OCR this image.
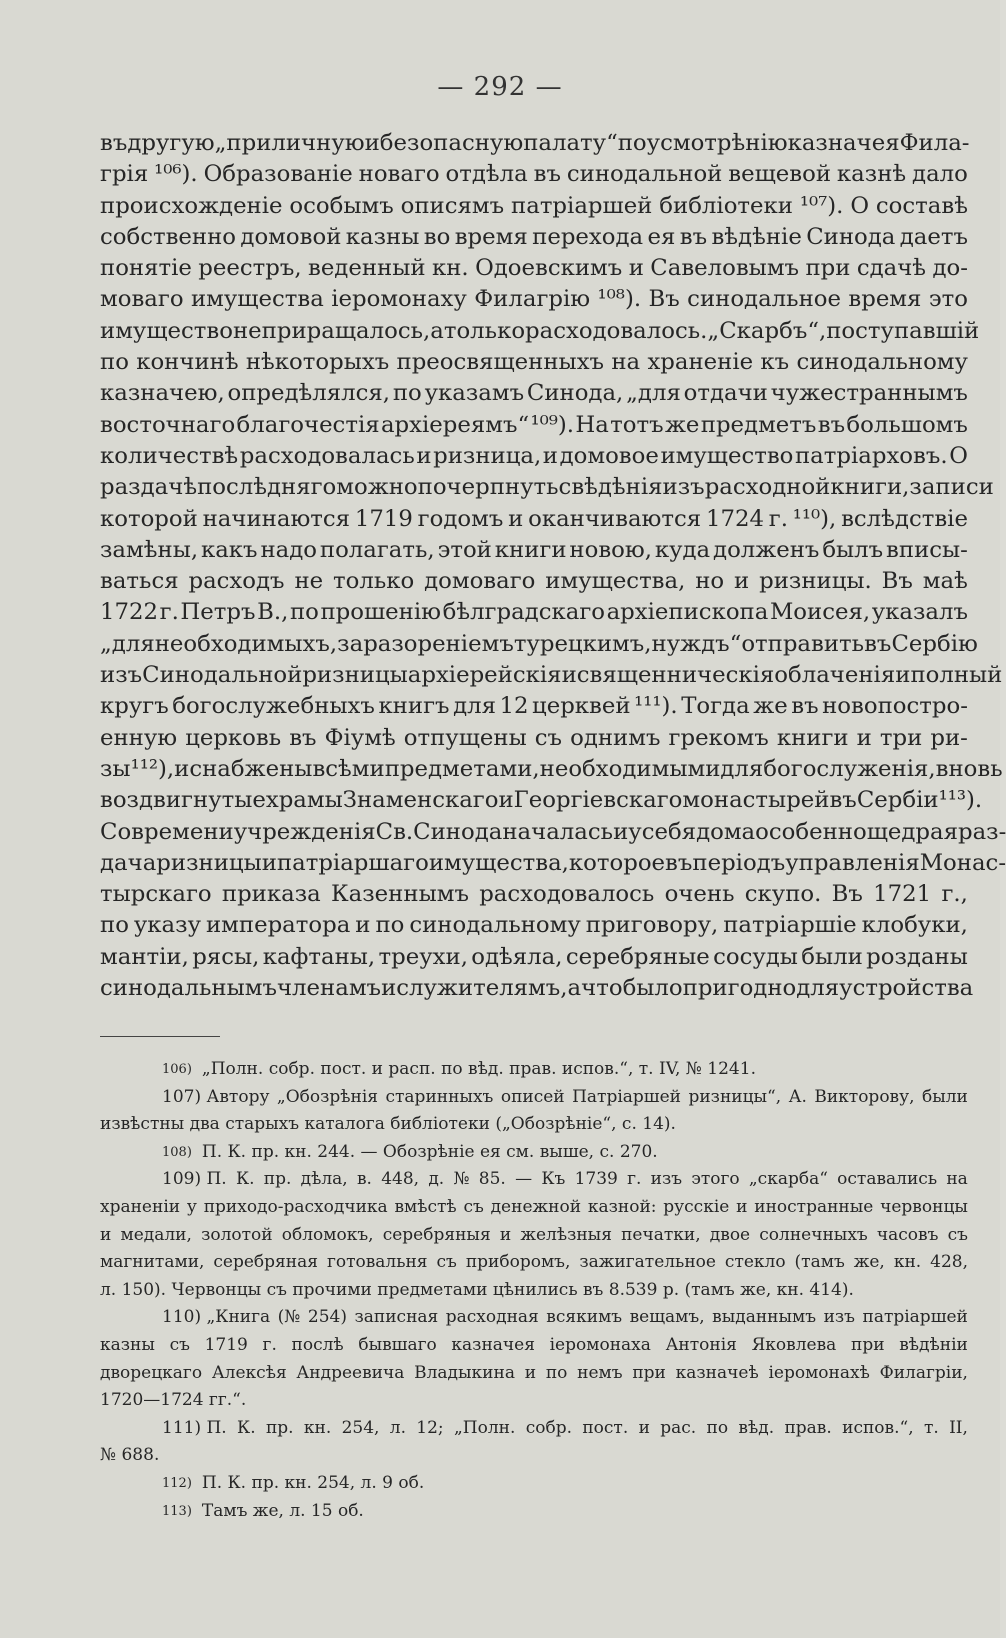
— 292 —
въ другую „приличную и безопасную палату“ по усмотрѣнію казначея Фила-
грія ¹⁰⁶). Образованіе новаго отдѣла въ синодальной вещевой казнѣ дало
происхожденіе особымъ описямъ патріаршей библіотеки ¹⁰⁷). О составѣ
собственно домовой казны во время перехода ея въ вѣдѣніе Синода даетъ
понятіе реестръ, веденный кн. Одоевскимъ и Савеловымъ при сдачѣ до-
моваго имущества іеромонаху Филагрію ¹⁰⁸). Въ синодальное время это
имущество не приращалось, а только расходовалось. „Скарбъ“, поступавшій
по кончинѣ нѣкоторыхъ преосвященныхъ на храненіе къ синодальному
казначею, опредѣлялся, по указамъ Синода, „для отдачи чужестраннымъ
восточнаго благочестія архіереямъ“ ¹⁰⁹). На тотъ же предметъ въ большомъ
количествѣ расходовалась и ризница, и домовое имущество патріарховъ. О
раздачѣ послѣдняго можно почерпнуть свѣдѣнія изъ расходной книги, записи
которой начинаются 1719 годомъ и оканчиваются 1724 г. ¹¹⁰), вслѣдствіе
замѣны, какъ надо полагать, этой книги новою, куда долженъ былъ вписы-
ваться расходъ не только домоваго имущества, но и ризницы. Въ маѣ
1722 г. Петръ В., по прошенію бѣлградскаго архіепископа Моисея, указалъ
„для необходимыхъ, за разореніемъ турецкимъ, нуждъ“ отправить въ Сербію
изъ Синодальной ризницы архіерейскія и священническія облаченія и полный
кругъ богослужебныхъ книгъ для 12 церквей ¹¹¹). Тогда же въ новопостро-
енную церковь въ Фіумѣ отпущены съ однимъ грекомъ книги и три ри-
зы ¹¹²), и снабжены всѣми предметами, необходимыми для богослуженія, вновь
воздвигнутые храмы Знаменскаго и Георгіевскаго монастырей въ Сербіи ¹¹³).
Со времени учрежденія Св. Синода началась и у себя дома особенно щедрая раз-
дача ризницы и патріаршаго имущества, которое въ періодъ управленія Монас-
тырскаго приказа Казеннымъ расходовалось очень скупо. Въ 1721 г.,
по указу императора и по синодальному приговору, патріаршіе клобуки,
мантіи, рясы, кафтаны, треухи, одѣяла, серебряные сосуды были розданы
синодальнымъ членамъ и служителямъ, а что было пригодно для устройства
106) „Полн. собр. пост. и расп. по вѣд. прав. испов.“, т. IV, № 1241.
107) Автору „Обозрѣнія старинныхъ описей Патріаршей ризницы“, А. Викторову, были
извѣстны два старыхъ каталога библіотеки („Обозрѣніе“, с. 14).
108) П. К. пр. кн. 244. — Обозрѣніе ея см. выше, с. 270.
109) П. К. пр. дѣла, в. 448, д. № 85. — Къ 1739 г. изъ этого „скарба“ оставались на
храненіи у приходо-расходчика вмѣстѣ съ денежной казной: русскіе и иностранные червонцы
и медали, золотой обломокъ, серебряныя и желѣзныя печатки, двое солнечныхъ часовъ съ
магнитами, серебряная готовальня съ приборомъ, зажигательное стекло (тамъ же, кн. 428,
л. 150). Червонцы съ прочими предметами цѣнились въ 8.539 р. (тамъ же, кн. 414).
110) „Книга (№ 254) записная расходная всякимъ вещамъ, выданнымъ изъ патріаршей
казны съ 1719 г. послѣ бывшаго казначея іеромонаха Антонія Яковлева при вѣдѣніи
дворецкаго Алексѣя Андреевича Владыкина и по немъ при казначеѣ іеромонахѣ Филагріи,
1720—1724 гг.“.
111) П. К. пр. кн. 254, л. 12; „Полн. собр. пост. и рас. по вѣд. прав. испов.“, т. II,
№ 688.
112) П. К. пр. кн. 254, л. 9 об.
113) Тамъ же, л. 15 об.
